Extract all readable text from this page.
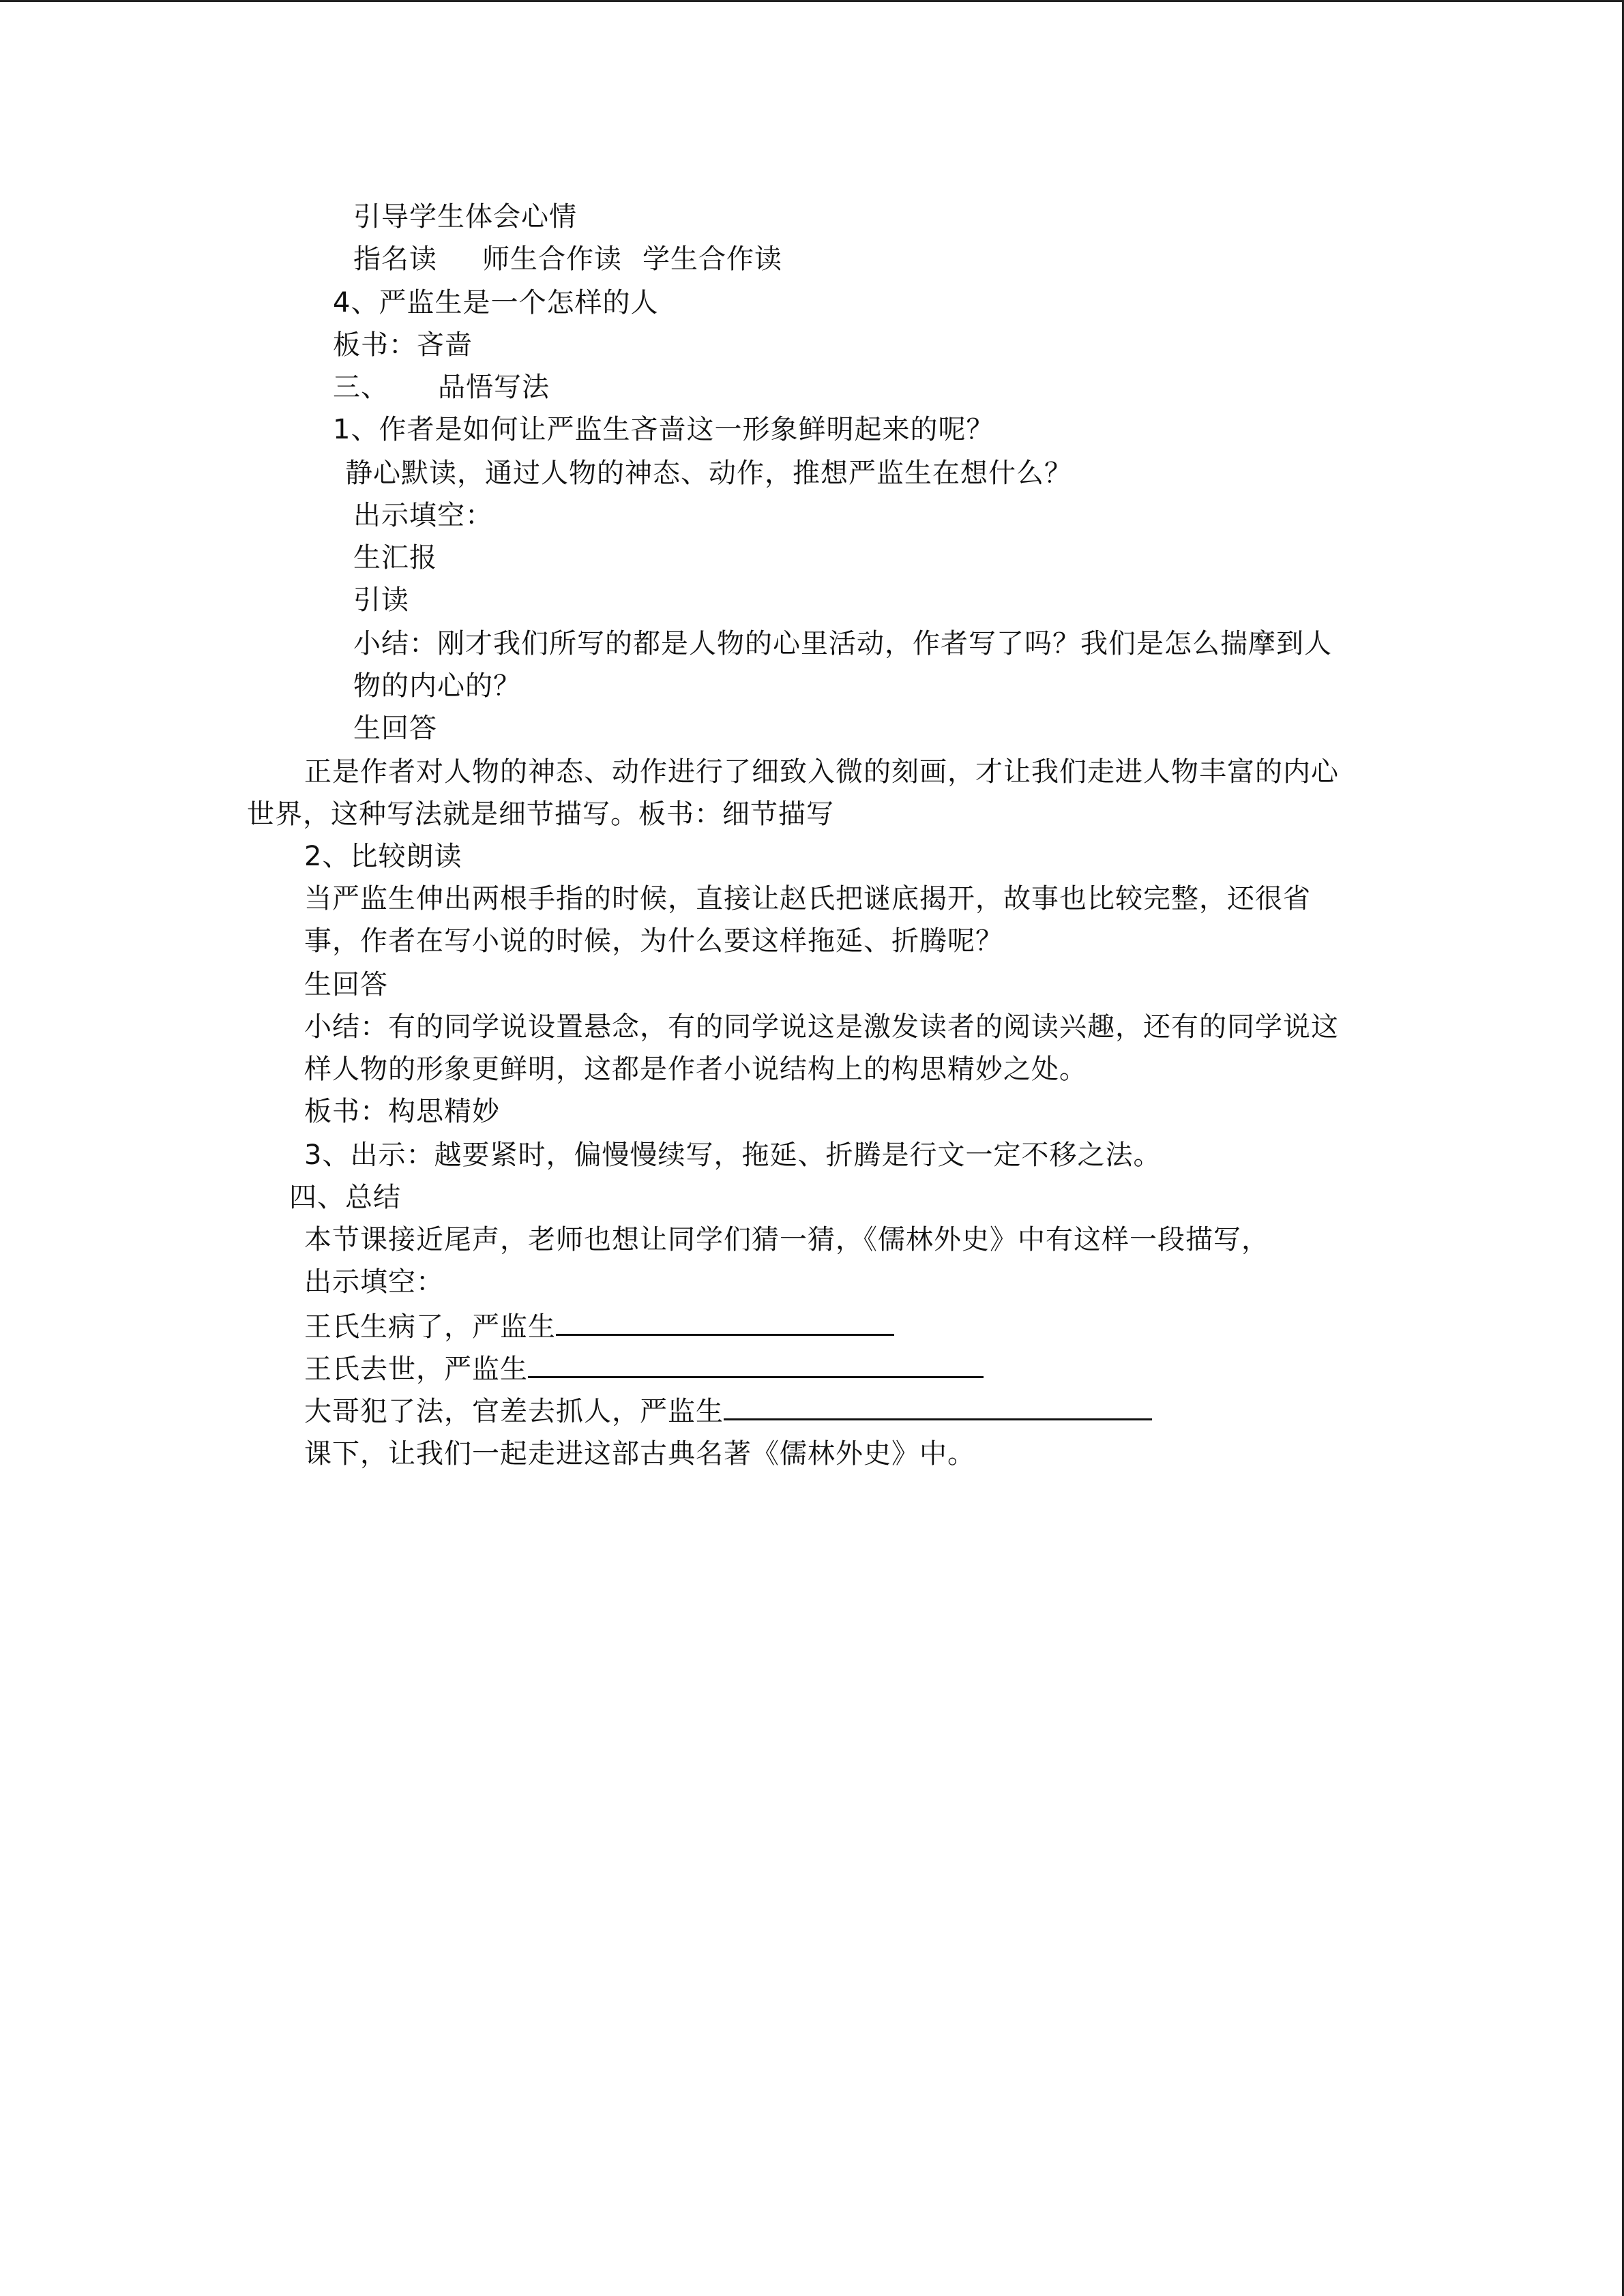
引导学生体会心情
指名读 师生合作读 学生合作读
4、严监生是一个怎样的人
板书：吝啬
三、 品悟写法
1、作者是如何让严监生吝啬这一形象鲜明起来的呢？
静心默读，通过人物的神态、动作，推想严监生在想什么？
出示填空：
生汇报
引读
小结：刚才我们所写的都是人物的心里活动，作者写了吗？我们是怎么揣摩到人
物的内心的？
生回答
正是作者对人物的神态、动作进行了细致入微的刻画，才让我们走进人物丰富的内心
世界，这种写法就是细节描写。板书：细节描写
2、比较朗读
当严监生伸出两根手指的时候，直接让赵氏把谜底揭开，故事也比较完整，还很省
事，作者在写小说的时候，为什么要这样拖延、折腾呢？
生回答
小结：有的同学说设置悬念，有的同学说这是激发读者的阅读兴趣，还有的同学说这
样人物的形象更鲜明，这都是作者小说结构上的构思精妙之处。
板书：构思精妙
3、出示：越要紧时，偏慢慢续写，拖延、折腾是行文一定不移之法。
四、总结
本节课接近尾声，老师也想让同学们猜一猜，《儒林外史》中有这样一段描写，
出示填空：
王氏生病了，严监生
王氏去世，严监生
大哥犯了法，官差去抓人，严监生
课下，让我们一起走进这部古典名著《儒林外史》中。
